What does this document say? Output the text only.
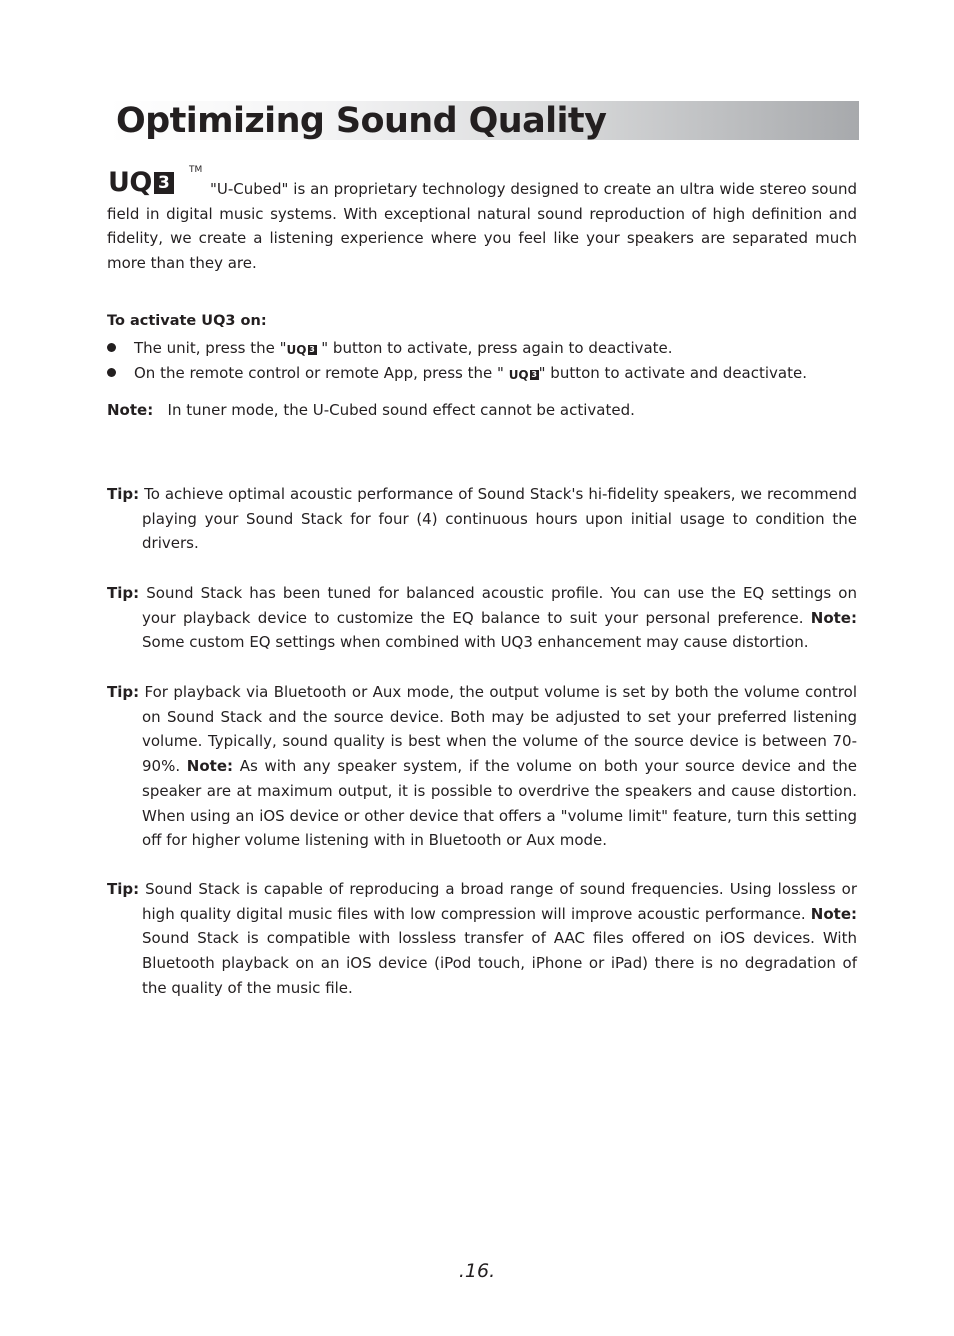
Optimizing Sound Quality
UQ 3
TM

"U-Cubed" is an proprietary technology designed to create an ultra wide stereo sound field in digital music systems. With exceptional natural sound reproduction of high definition and fidelity, we create a listening experience where you feel like your speakers are separated much more than they are.

To activate UQ3 on:
The unit, press the " UQ 3 " button to activate, press again to deactivate.
On the remote control or remote App, press the " UQ 3 " button to activate and deactivate.
Note: In tuner mode, the U-Cubed sound effect cannot be activated.

Tip: To achieve optimal acoustic performance of Sound Stack's hi-fidelity speakers, we recommend playing your Sound Stack for four (4) continuous hours upon initial usage to condition the drivers.

Tip: Sound Stack has been tuned for balanced acoustic profile. You can use the EQ settings on your playback device to customize the EQ balance to suit your personal preference. Note: Some custom EQ settings when combined with UQ3 enhancement may cause distortion.

Tip: For playback via Bluetooth or Aux mode, the output volume is set by both the volume control on Sound Stack and the source device. Both may be adjusted to set your preferred listening volume. Typically, sound quality is best when the volume of the source device is between 70-90%. Note: As with any speaker system, if the volume on both your source device and the speaker are at maximum output, it is possible to overdrive the speakers and cause distortion. When using an iOS device or other device that offers a "volume limit" feature, turn this setting off for higher volume listening with in Bluetooth or Aux mode.

Tip: Sound Stack is capable of reproducing a broad range of sound frequencies. Using lossless or high quality digital music files with low compression will improve acoustic performance. Note: Sound Stack is compatible with lossless transfer of AAC files offered on iOS devices. With Bluetooth playback on an iOS device (iPod touch, iPhone or iPad) there is no degradation of the quality of the music file.

.16.
